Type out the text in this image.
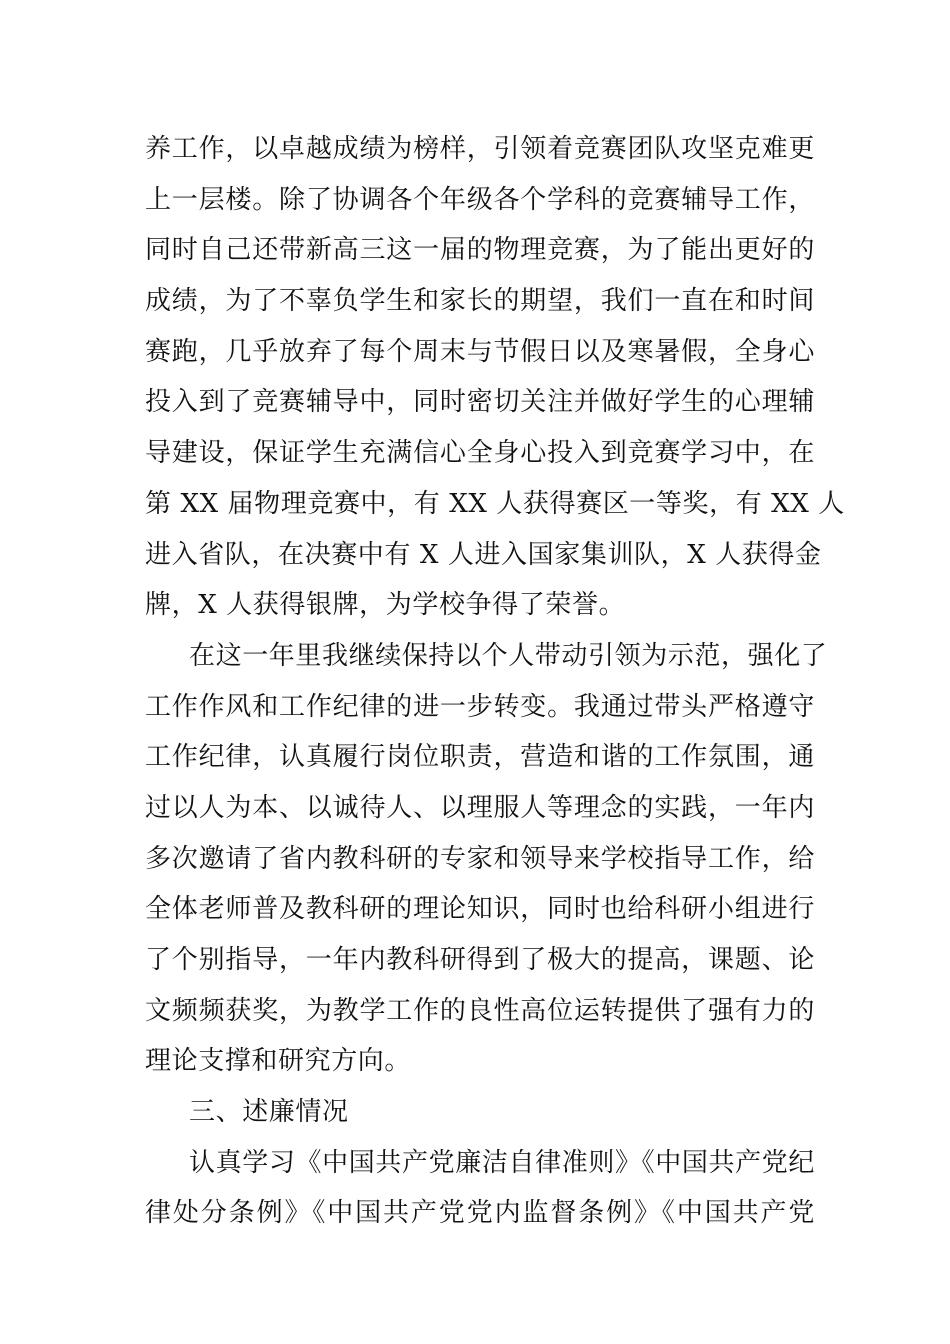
养工作，以卓越成绩为榜样，引领着竞赛团队攻坚克难更
上一层楼。除了协调各个年级各个学科的竞赛辅导工作，
同时自己还带新高三这一届的物理竞赛，为了能出更好的
成绩，为了不辜负学生和家长的期望，我们一直在和时间
赛跑，几乎放弃了每个周末与节假日以及寒暑假，全身心
投入到了竞赛辅导中，同时密切关注并做好学生的心理辅
导建设，保证学生充满信心全身心投入到竞赛学习中，在
第 XX 届物理竞赛中，有 XX 人获得赛区一等奖，有 XX 人
进入省队，在决赛中有 X 人进入国家集训队，X 人获得金
牌，X 人获得银牌，为学校争得了荣誉。
在这一年里我继续保持以个人带动引领为示范，强化了
工作作风和工作纪律的进一步转变。我通过带头严格遵守
工作纪律，认真履行岗位职责，营造和谐的工作氛围，通
过以人为本、以诚待人、以理服人等理念的实践，一年内
多次邀请了省内教科研的专家和领导来学校指导工作，给
全体老师普及教科研的理论知识，同时也给科研小组进行
了个别指导，一年内教科研得到了极大的提高，课题、论
文频频获奖，为教学工作的良性高位运转提供了强有力的
理论支撑和研究方向。
三、述廉情况
认真学习《中国共产党廉洁自律准则》《中国共产党纪
律处分条例》《中国共产党党内监督条例》《中国共产党
